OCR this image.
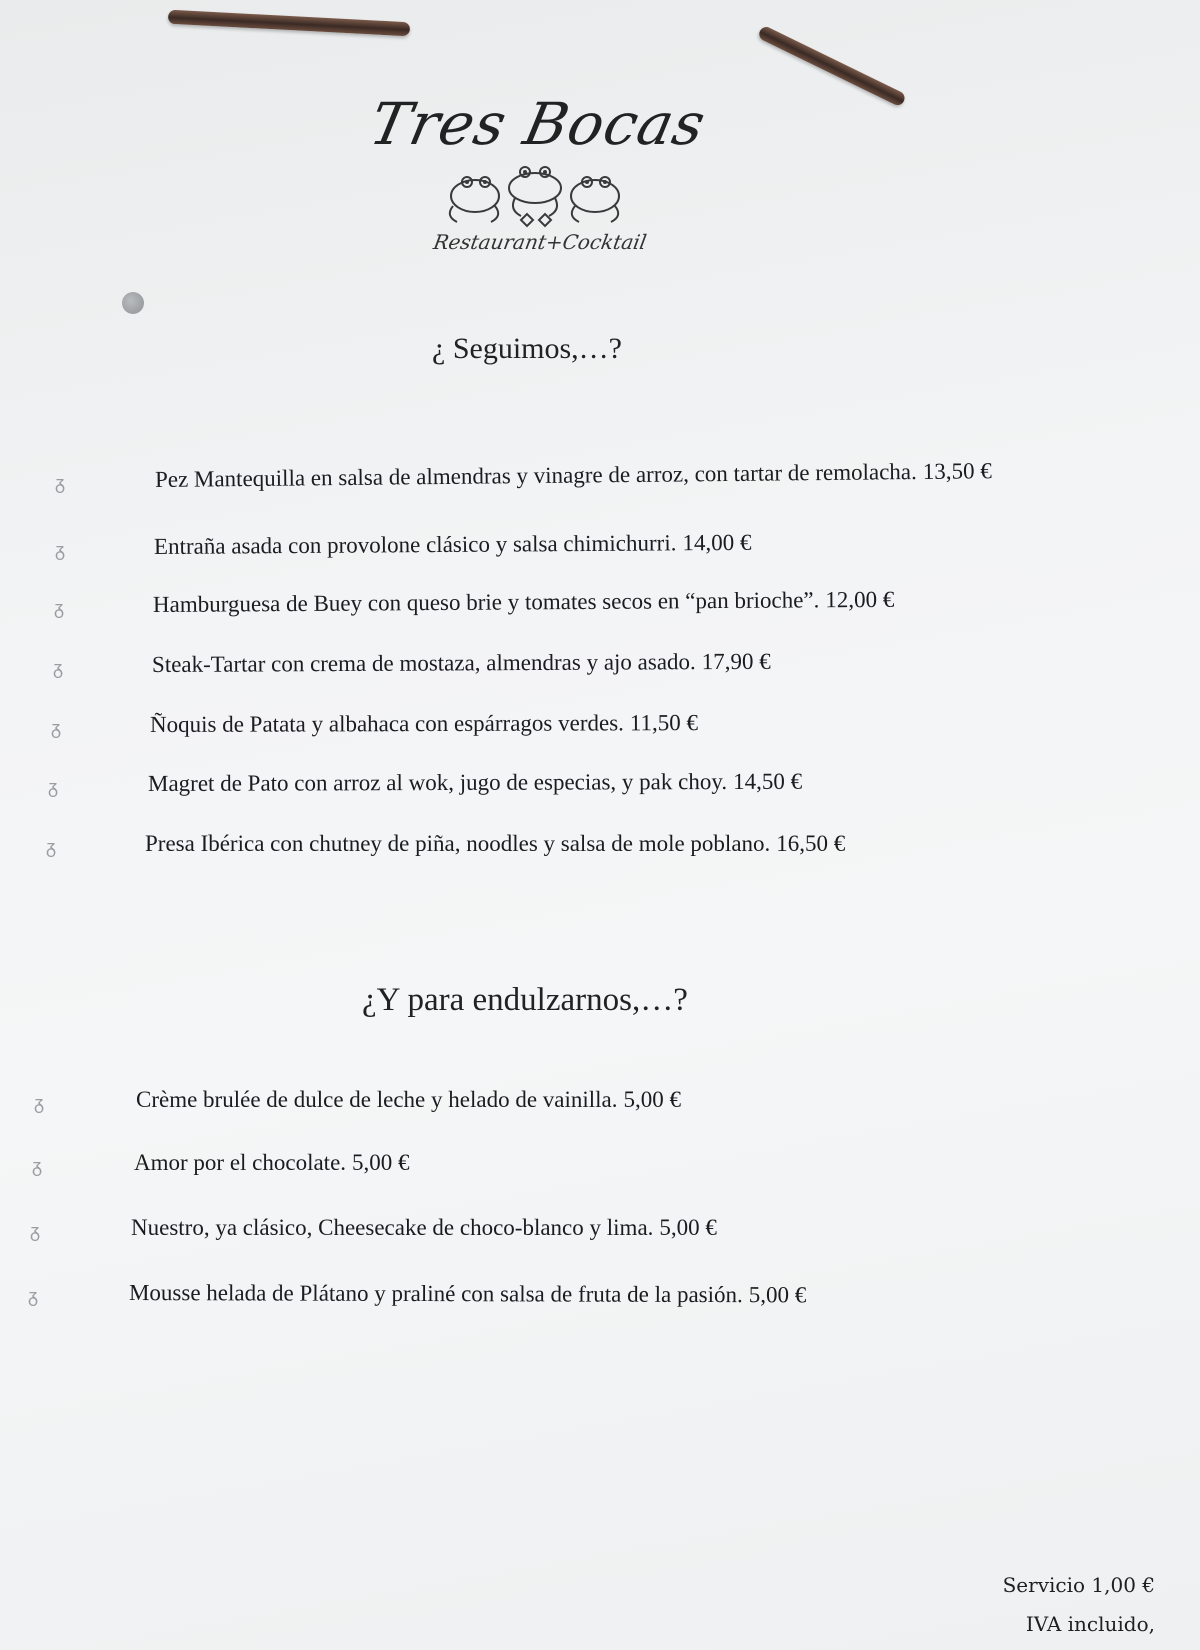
Tres Bocas
Restaurant+Cocktail
¿ Seguimos,…?
ᵹ	Pez Mantequilla en salsa de almendras y vinagre de arroz, con tartar de remolacha. 13,50 €
ᵹ	Entraña asada con provolone clásico y salsa chimichurri. 14,00 €
ᵹ	Hamburguesa de Buey con queso brie y tomates secos en “pan brioche”. 12,00 €
ᵹ	Steak-Tartar con crema de mostaza, almendras y ajo asado. 17,90 €
ᵹ	Ñoquis de Patata y albahaca con espárragos verdes. 11,50 €
ᵹ	Magret de Pato con arroz al wok, jugo de especias, y pak choy. 14,50 €
ᵹ	Presa Ibérica con chutney de piña, noodles y salsa de mole poblano. 16,50 €
¿Y para endulzarnos,…?
ᵹ	Crème brulée de dulce de leche y helado de vainilla. 5,00 €
ᵹ	Amor por el chocolate. 5,00 €
ᵹ	Nuestro, ya clásico, Cheesecake de choco-blanco y lima. 5,00 €
ᵹ	Mousse helada de Plátano y praliné con salsa de fruta de la pasión. 5,00 €
Servicio 1,00 €
IVA incluido,
